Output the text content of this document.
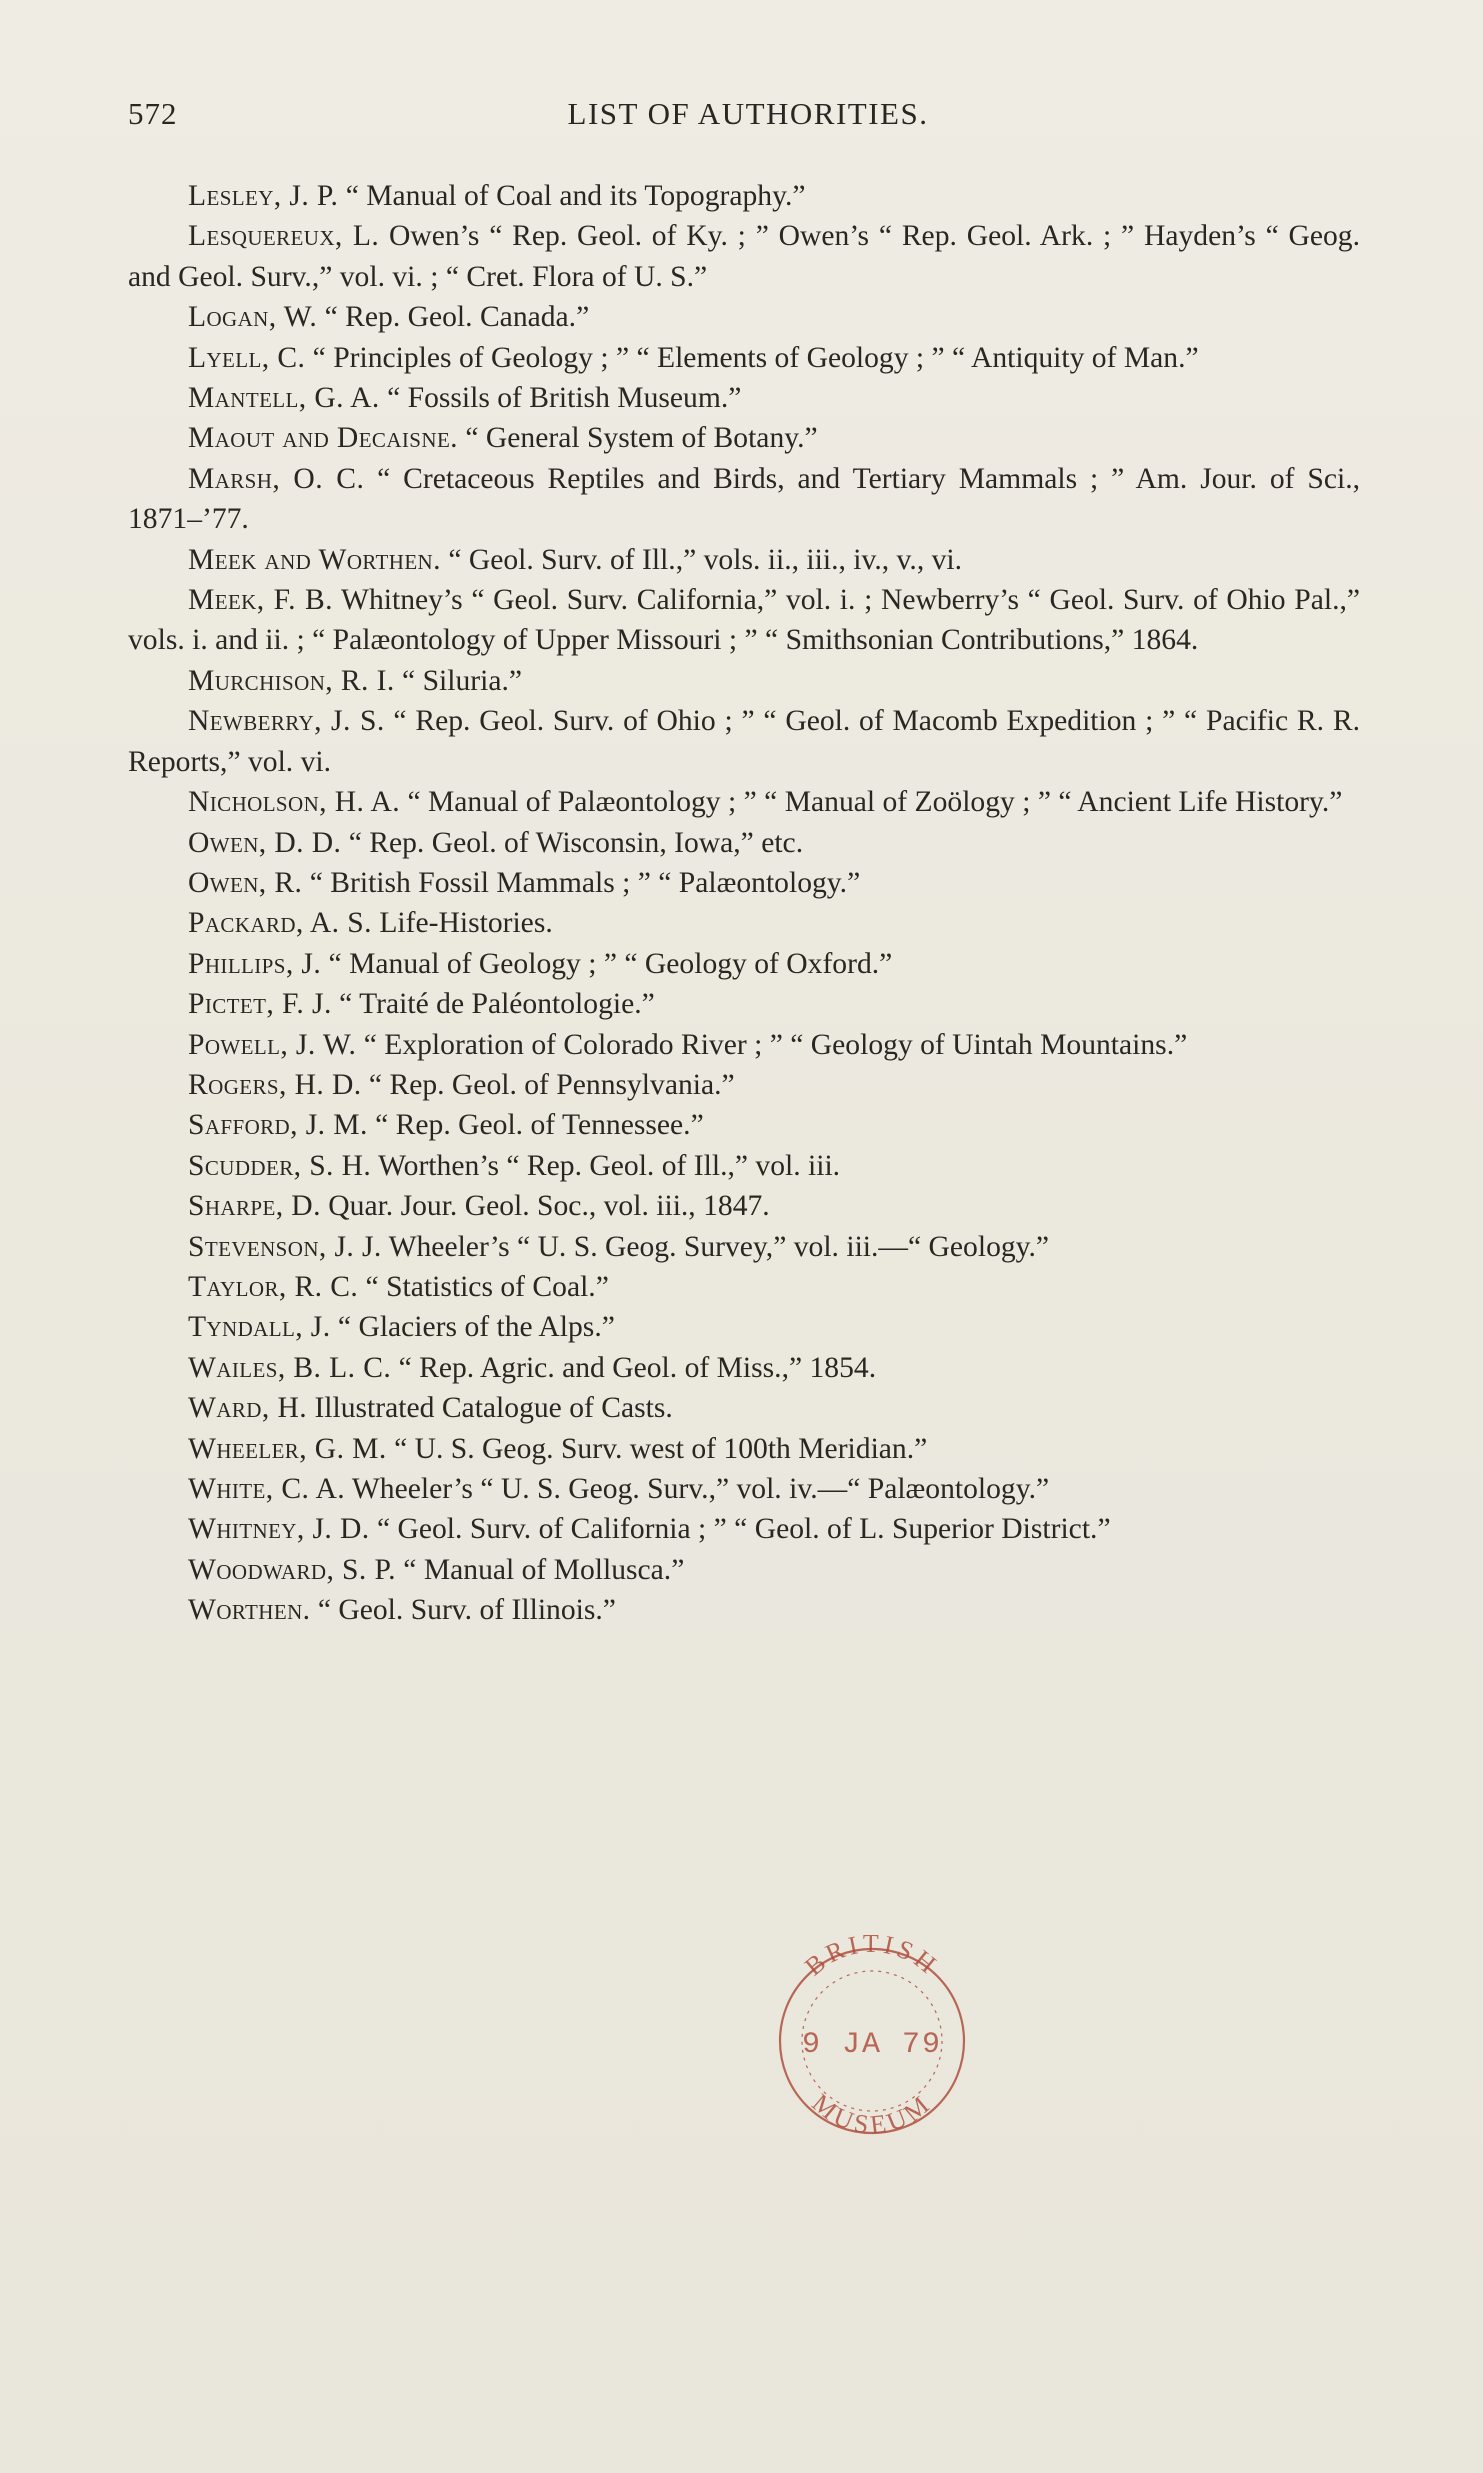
572	LIST OF AUTHORITIES.

Lesley, J. P. “ Manual of Coal and its Topography.”

Lesquereux, L. Owen’s “ Rep. Geol. of Ky. ; ” Owen’s “ Rep. Geol. Ark. ; ” Hayden’s “ Geog. and Geol. Surv.,” vol. vi. ; “ Cret. Flora of U. S.”

Logan, W. “ Rep. Geol. Canada.”

Lyell, C. “ Principles of Geology ; ” “ Elements of Geology ; ” “ Antiquity of Man.”

Mantell, G. A. “ Fossils of British Museum.”

Maout and Decaisne. “ General System of Botany.”

Marsh, O. C. “ Cretaceous Reptiles and Birds, and Tertiary Mammals ; ” Am. Jour. of Sci., 1871–’77.

Meek and Worthen. “ Geol. Surv. of Ill.,” vols. ii., iii., iv., v., vi.

Meek, F. B. Whitney’s “ Geol. Surv. California,” vol. i. ; Newberry’s “ Geol. Surv. of Ohio Pal.,” vols. i. and ii. ; “ Palæontology of Upper Missouri ; ” “ Smithsonian Contributions,” 1864.

Murchison, R. I. “ Siluria.”

Newberry, J. S. “ Rep. Geol. Surv. of Ohio ; ” “ Geol. of Macomb Expedition ; ” “ Pacific R. R. Reports,” vol. vi.

Nicholson, H. A. “ Manual of Palæontology ; ” “ Manual of Zoölogy ; ” “ Ancient Life History.”

Owen, D. D. “ Rep. Geol. of Wisconsin, Iowa,” etc.

Owen, R. “ British Fossil Mammals ; ” “ Palæontology.”

Packard, A. S. Life-Histories.

Phillips, J. “ Manual of Geology ; ” “ Geology of Oxford.”

Pictet, F. J. “ Traité de Paléontologie.”

Powell, J. W. “ Exploration of Colorado River ; ” “ Geology of Uintah Mountains.”

Rogers, H. D. “ Rep. Geol. of Pennsylvania.”

Safford, J. M. “ Rep. Geol. of Tennessee.”

Scudder, S. H. Worthen’s “ Rep. Geol. of Ill.,” vol. iii.

Sharpe, D. Quar. Jour. Geol. Soc., vol. iii., 1847.

Stevenson, J. J. Wheeler’s “ U. S. Geog. Survey,” vol. iii.—“ Geology.”

Taylor, R. C. “ Statistics of Coal.”

Tyndall, J. “ Glaciers of the Alps.”

Wailes, B. L. C. “ Rep. Agric. and Geol. of Miss.,” 1854.

Ward, H. Illustrated Catalogue of Casts.

Wheeler, G. M. “ U. S. Geog. Surv. west of 100th Meridian.”

White, C. A. Wheeler’s “ U. S. Geog. Surv.,” vol. iv.—“ Palæontology.”

Whitney, J. D. “ Geol. Surv. of California ; ” “ Geol. of L. Superior District.”

Woodward, S. P. “ Manual of Mollusca.”

Worthen. “ Geol. Surv. of Illinois.”

BRITISH
9 JA 79
MUSEUM
